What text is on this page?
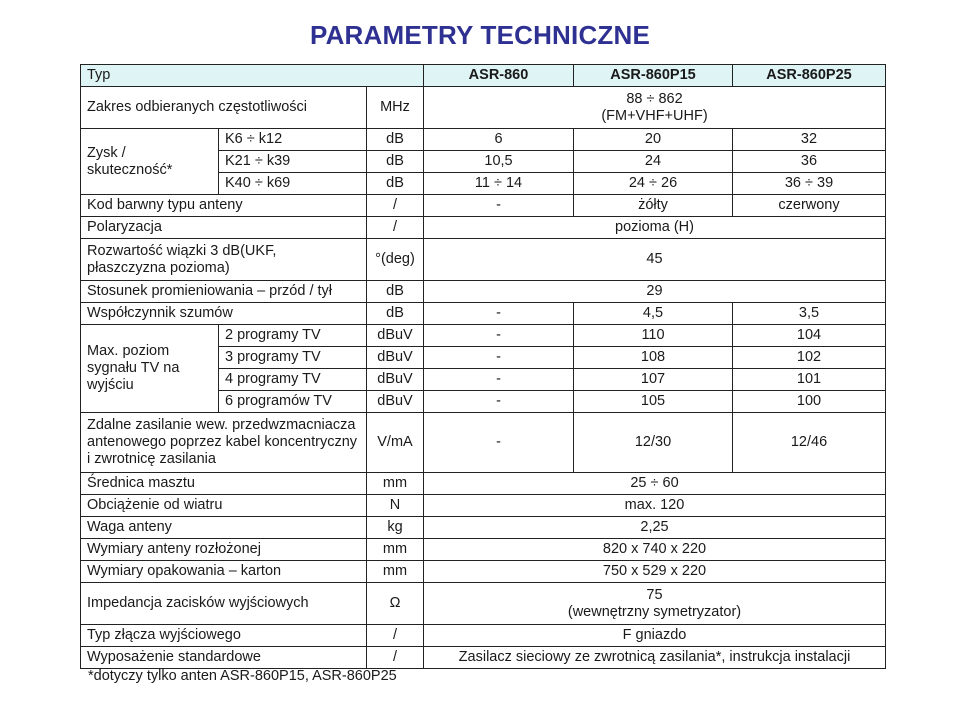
PARAMETRY TECHNICZNE
Typ			ASR-860	ASR-860P15	ASR-860P25
Zakres odbieranych częstotliwości		MHz	88 ÷ 862
(FM+VHF+UHF)		

Zysk /
skuteczność*	K6 ÷ k12	dB	6	20	32
	K21 ÷ k39	dB	10,5	24	36
	K40 ÷ k69	dB	11 ÷ 14	24 ÷ 26	36 ÷ 39
Kod barwny typu anteny		/	-	żółty	czerwony
Polaryzacja		/	pozioma (H)		

Rozwartość wiązki 3 dB(UKF,
płaszczyzna pozioma)		°(deg)	45		
Stosunek promieniowania – przód / tył		dB	29		
Współczynnik szumów		dB	-	4,5	3,5

Max. poziom
sygnału TV na
wyjściu	2 programy TV	dBuV	-	110	104
	3 programy TV	dBuV	-	108	102
	4 programy TV	dBuV	-	107	101
	6 programów TV	dBuV	-	105	100

Zdalne zasilanie wew. przedwzmacniacza
antenowego poprzez kabel koncentryczny
i zwrotnicę zasilania		V/mA	-	12/30	12/46
Średnica masztu		mm	25 ÷ 60		
Obciążenie od wiatru		N	max. 120		
Waga anteny		kg	2,25		
Wymiary anteny rozłożonej		mm	820 x 740 x 220		
Wymiary opakowania – karton		mm	750 x 529 x 220		
Impedancja zacisków wyjściowych		Ω	75
(wewnętrzny symetryzator)		

Typ złącza wyjściowego		/	F gniazdo		
Wyposażenie standardowe		/	Zasilacz sieciowy ze zwrotnicą zasilania*, instrukcja instalacji		
*dotyczy tylko anten ASR-860P15, ASR-860P25
